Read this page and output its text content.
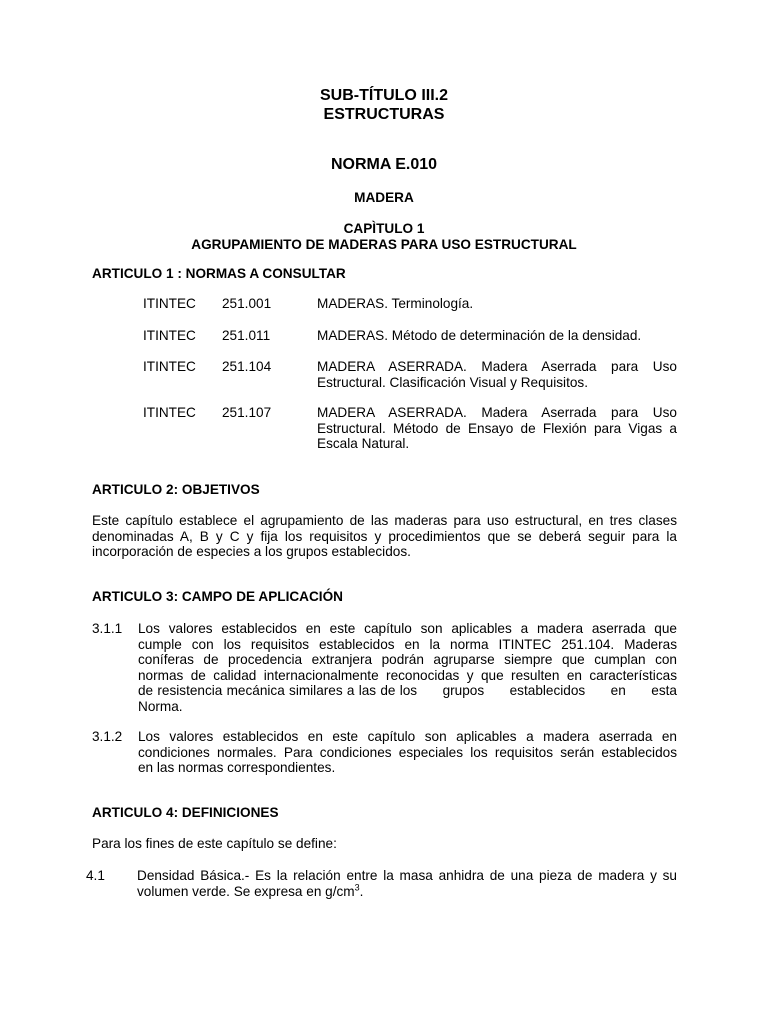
SUB-TÍTULO III.2
ESTRUCTURAS
NORMA E.010
MADERA
CAPÌTULO 1
AGRUPAMIENTO DE MADERAS PARA USO ESTRUCTURAL
ARTICULO 1 : NORMAS A CONSULTAR
ITINTEC 251.001	MADERAS. Terminología.
ITINTEC 251.011	MADERAS. Método de determinación de la densidad.
ITINTEC 251.104	MADERA ASERRADA. Madera Aserrada para Uso
Estructural. Clasificación Visual y Requisitos.
ITINTEC 251.107	MADERA ASERRADA. Madera Aserrada para Uso
Estructural. Método de Ensayo de Flexión para Vigas a
Escala Natural.
ARTICULO 2: OBJETIVOS
Este capítulo establece el agrupamiento de las maderas para uso estructural, en tres clases
denominadas A, B y C y fija los requisitos y procedimientos que se deberá seguir para la
incorporación de especies a los grupos establecidos.
ARTICULO 3: CAMPO DE APLICACIÓN
3.1.1 Los valores establecidos en este capítulo son aplicables a madera aserrada que
cumple con los requisitos establecidos en la norma ITINTEC 251.104. Maderas
coníferas de procedencia extranjera podrán agruparse siempre que cumplan con
normas de calidad internacionalmente reconocidas y que resulten en características
de resistencia mecánica similares a las de los      grupos      establecidos      en      esta
Norma.
3.1.2 Los valores establecidos en este capítulo son aplicables a madera aserrada en
condiciones normales. Para condiciones especiales los requisitos serán establecidos
en las normas correspondientes.
ARTICULO 4: DEFINICIONES
Para los fines de este capítulo se define:
4.1 Densidad Básica.- Es la relación entre la masa anhidra de una pieza de madera y su
volumen verde. Se expresa en $g/cm^3$.
